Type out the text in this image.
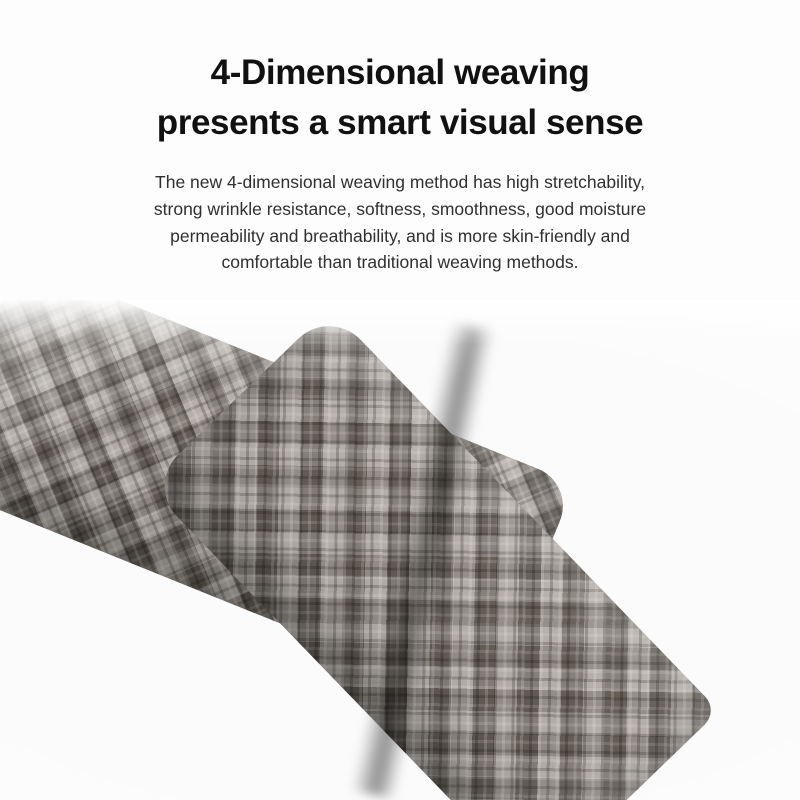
4-Dimensional weaving
presents a smart visual sense

The new 4-dimensional weaving method has high stretchability,
strong wrinkle resistance, softness, smoothness, good moisture
permeability and breathability, and is more skin-friendly and
comfortable than traditional weaving methods.
